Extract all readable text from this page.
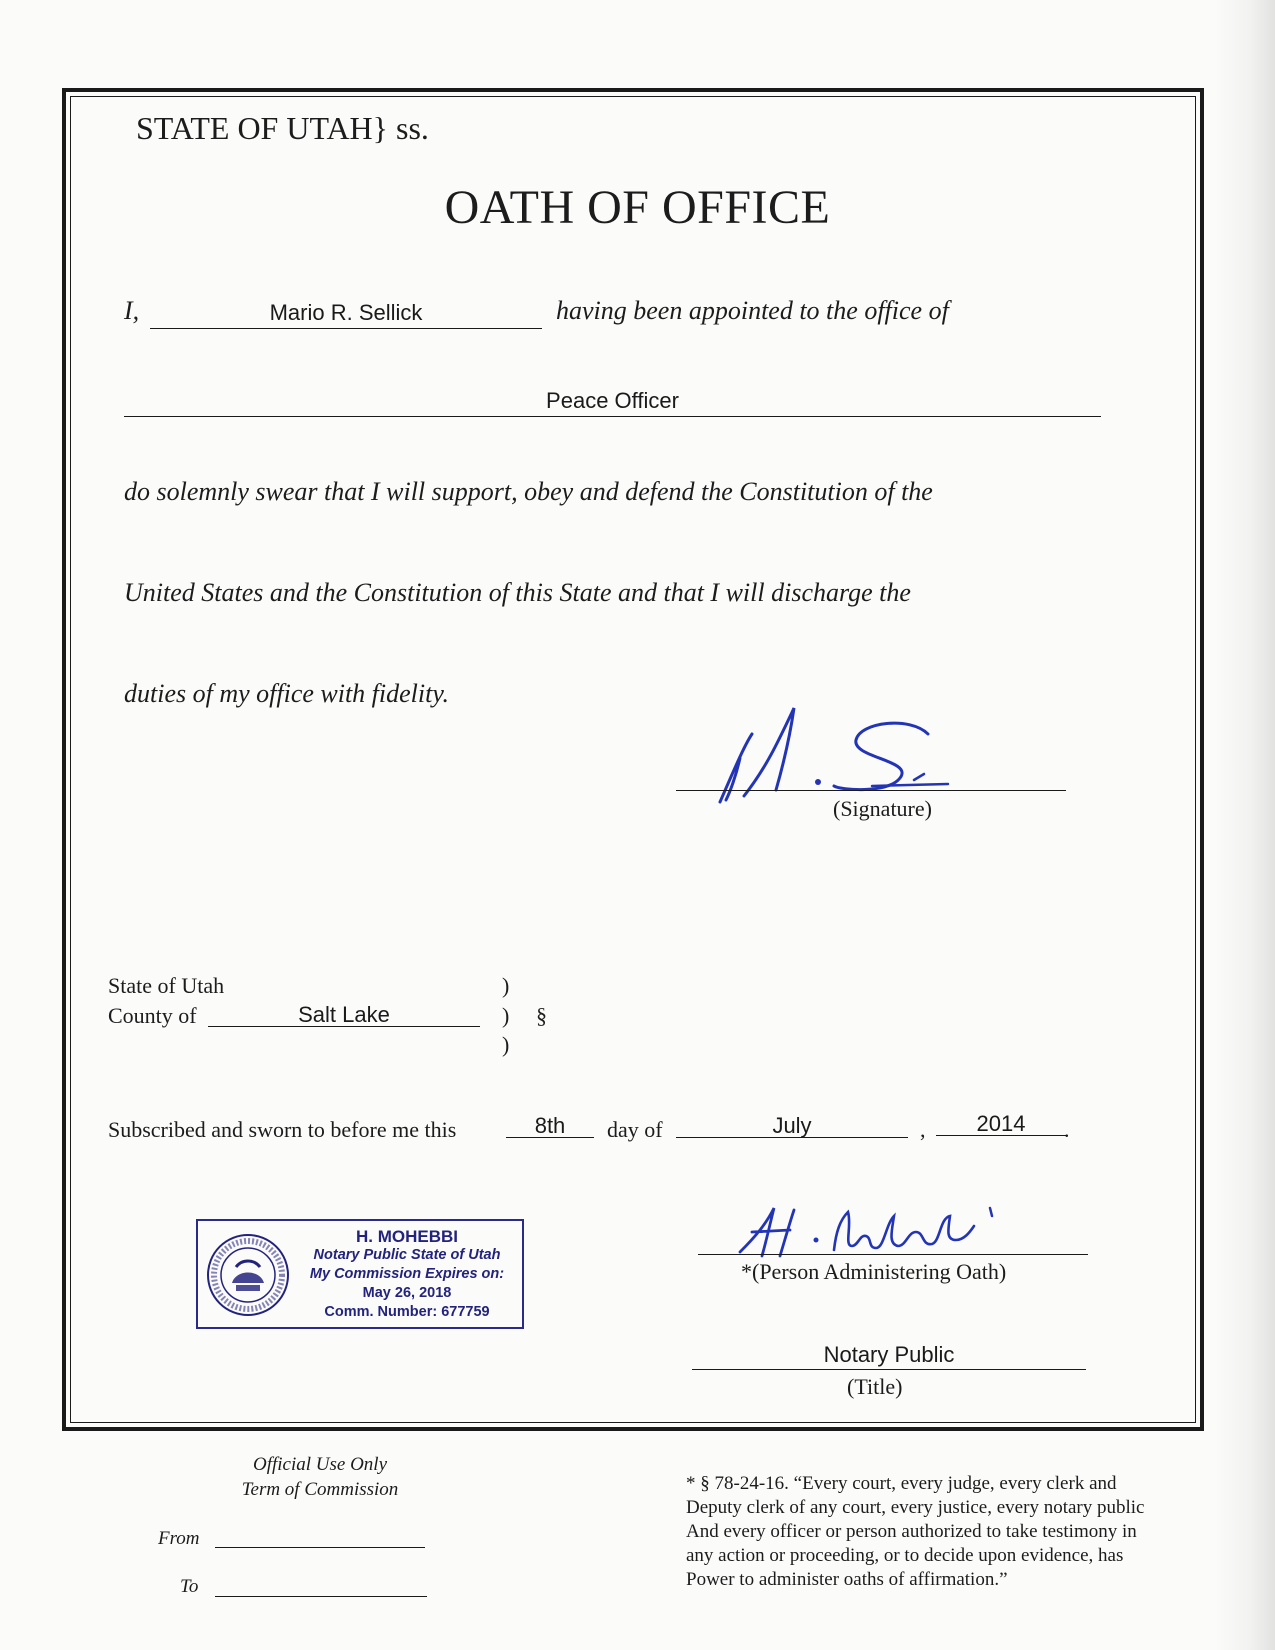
STATE OF UTAH} ss.
OATH OF OFFICE
I,	Mario R. Sellick	having been appointed to the office of
Peace Officer
do solemnly swear that I will support, obey and defend the Constitution of the
United States and the Constitution of this State and that I will discharge the
duties of my office with fidelity.
(Signature)
State of Utah
County of	Salt Lake
)
)
)
§
Subscribed and sworn to before me this	8th	day of	July	,	2014	.
H. MOHEBBI
Notary Public State of Utah
My Commission Expires on:
May 26, 2018
Comm. Number: 677759
*(Person Administering Oath)
Notary Public
(Title)
Official Use Only
Term of Commission
From
To
* § 78-24-16. “Every court, every judge, every clerk and
Deputy clerk of any court, every justice, every notary public
And every officer or person authorized to take testimony in
any action or proceeding, or to decide upon evidence, has
Power to administer oaths of affirmation.”
